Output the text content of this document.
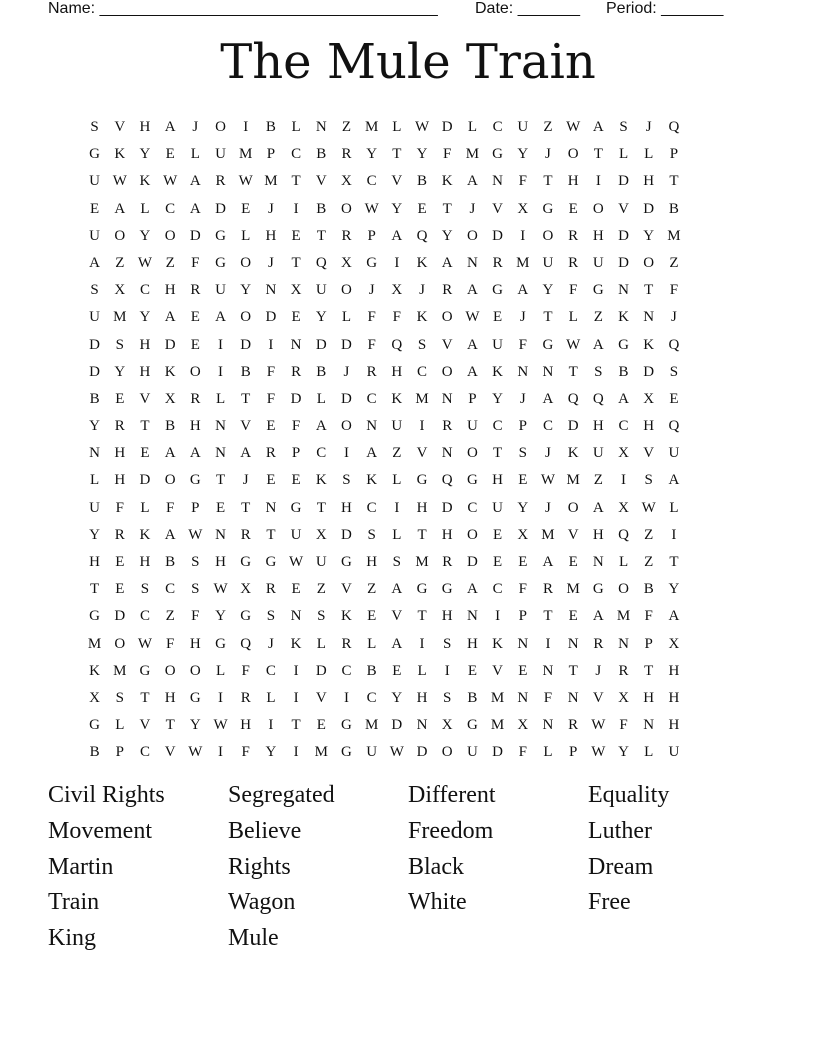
Name: ______________________________________ Date: _______ Period: _______
The Mule Train
S	V H A	J	O	I	B	L	N	Z M L W D	L	C U	Z W A	S	J	Q
G K Y	E	L	U M P	C	B	R Y	T	Y	F M G Y	J	O	T	L	L	P
U W K W A R W M T	V X C V B K A N	F	T	H	I	D H	T
E	A	L	C A D	E	J	I	B O W Y	E	T	J	V X G	E	O V D B
U O Y O D G	L	H	E	T	R	P	A Q Y O D	I	O R H D Y M
A	Z W Z	F	G O	J	T	Q X G	I	K A N R M U R U D O	Z
S	X C H R U Y N X U O	J	X	J	R A G A Y	F	G N	T	F
U M Y A	E	A O D	E	Y	L	F	F	K O W E	J	T	L	Z	K N	J
D	S	H D	E	I	D	I	N D D	F	Q	S	V A U	F	G W A G K Q
D Y H K O	I	B	F	R	B	J	R H C O A K N N	T	S	B D	S
B	E	V X R	L	T	F	D	L	D C K M N	P	Y	J	A Q Q A X	E
Y R	T	B H N V	E	F	A O N U	I	R U C	P	C D H C H Q
N H	E	A A N A R	P	C	I	A	Z	V N O	T	S	J	K U X V U
L	H D O G	T	J	E	E	K	S	K	L	G Q G H	E W M Z	I	S	A
U	F	L	F	P	E	T	N G	T	H C	I	H D C U Y	J	O A X W L
Y R K A W N R	T	U X D	S	L	T	H O	E	X M V H Q	Z	I
H	E	H B	S	H G G W U G H	S M R D	E	E	A	E	N	L	Z	T
T	E	S	C	S W X R	E	Z	V	Z	A G G A C	F	R M G O B Y
G D C	Z	F	Y G	S	N	S	K	E	V	T	H N	I	P	T	E	A M F	A
M O W F	H G Q	J	K	L	R	L	A	I	S	H K N	I	N R N	P	X
K M G O O	L	F	C	I	D C	B	E	L	I	E	V	E	N	T	J	R	T	H
X	S	T	H G	I	R	L	I	V	I	C Y H	S	B M N	F	N V X H H
G	L	V	T	Y W H	I	T	E	G M D N X G M X N R W F	N H
B	P	C V W	I	F	Y	I	M G U W D O U D	F	L	P W Y	L	U
Civil Rights	Segregated	Different	Equality
Movement	Believe	Freedom	Luther
Martin	Rights	Black	Dream
Train	Wagon	White	Free
King	Mule
